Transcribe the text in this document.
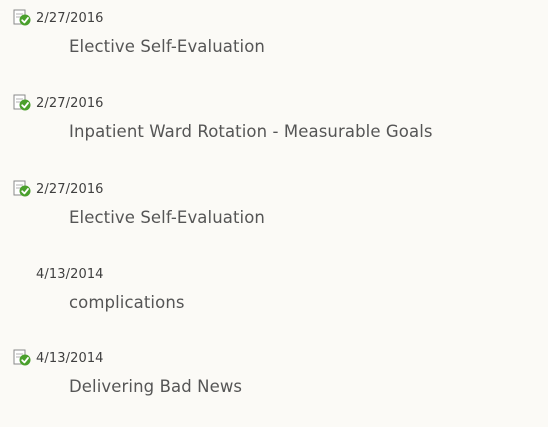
2/27/2016
Elective Self-Evaluation
2/27/2016
Inpatient Ward Rotation - Measurable Goals
2/27/2016
Elective Self-Evaluation
4/13/2014
complications
4/13/2014
Delivering Bad News
